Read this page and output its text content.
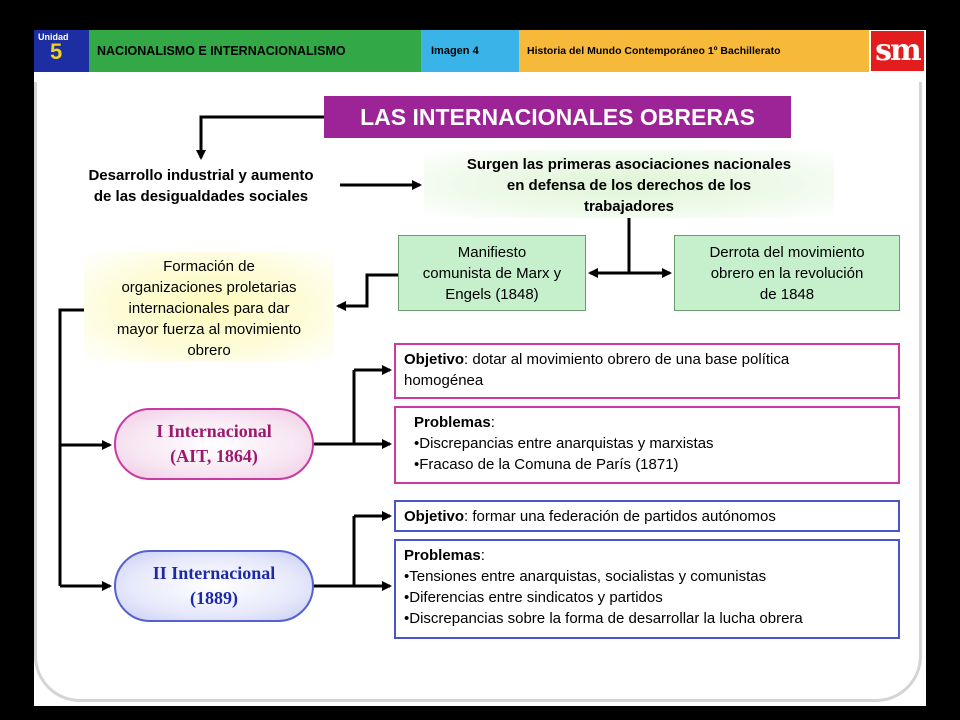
Unidad
5	NACIONALISMO E INTERNACIONALISMO	Imagen 4	Historia del Mundo Contemporáneo 1º Bachillerato	sm
LAS INTERNACIONALES OBRERAS
Desarrollo industrial y aumento
de las desigualdades sociales
Surgen las primeras asociaciones nacionales
en defensa de los derechos de los
trabajadores
Manifiesto
comunista de Marx y
Engels (1848)
Derrota del movimiento
obrero en la revolución
de 1848
Formación de
organizaciones proletarias
internacionales para dar
mayor fuerza al movimiento
obrero
I Internacional
(AIT, 1864)
II Internacional
(1889)
Objetivo: dotar al movimiento obrero de una base política
homogénea
Problemas:
•Discrepancias entre anarquistas y marxistas
•Fracaso de la Comuna de París (1871)
Objetivo: formar una federación de partidos autónomos
Problemas:
•Tensiones entre anarquistas, socialistas y comunistas
•Diferencias entre sindicatos y partidos
•Discrepancias sobre la forma de desarrollar la lucha obrera
